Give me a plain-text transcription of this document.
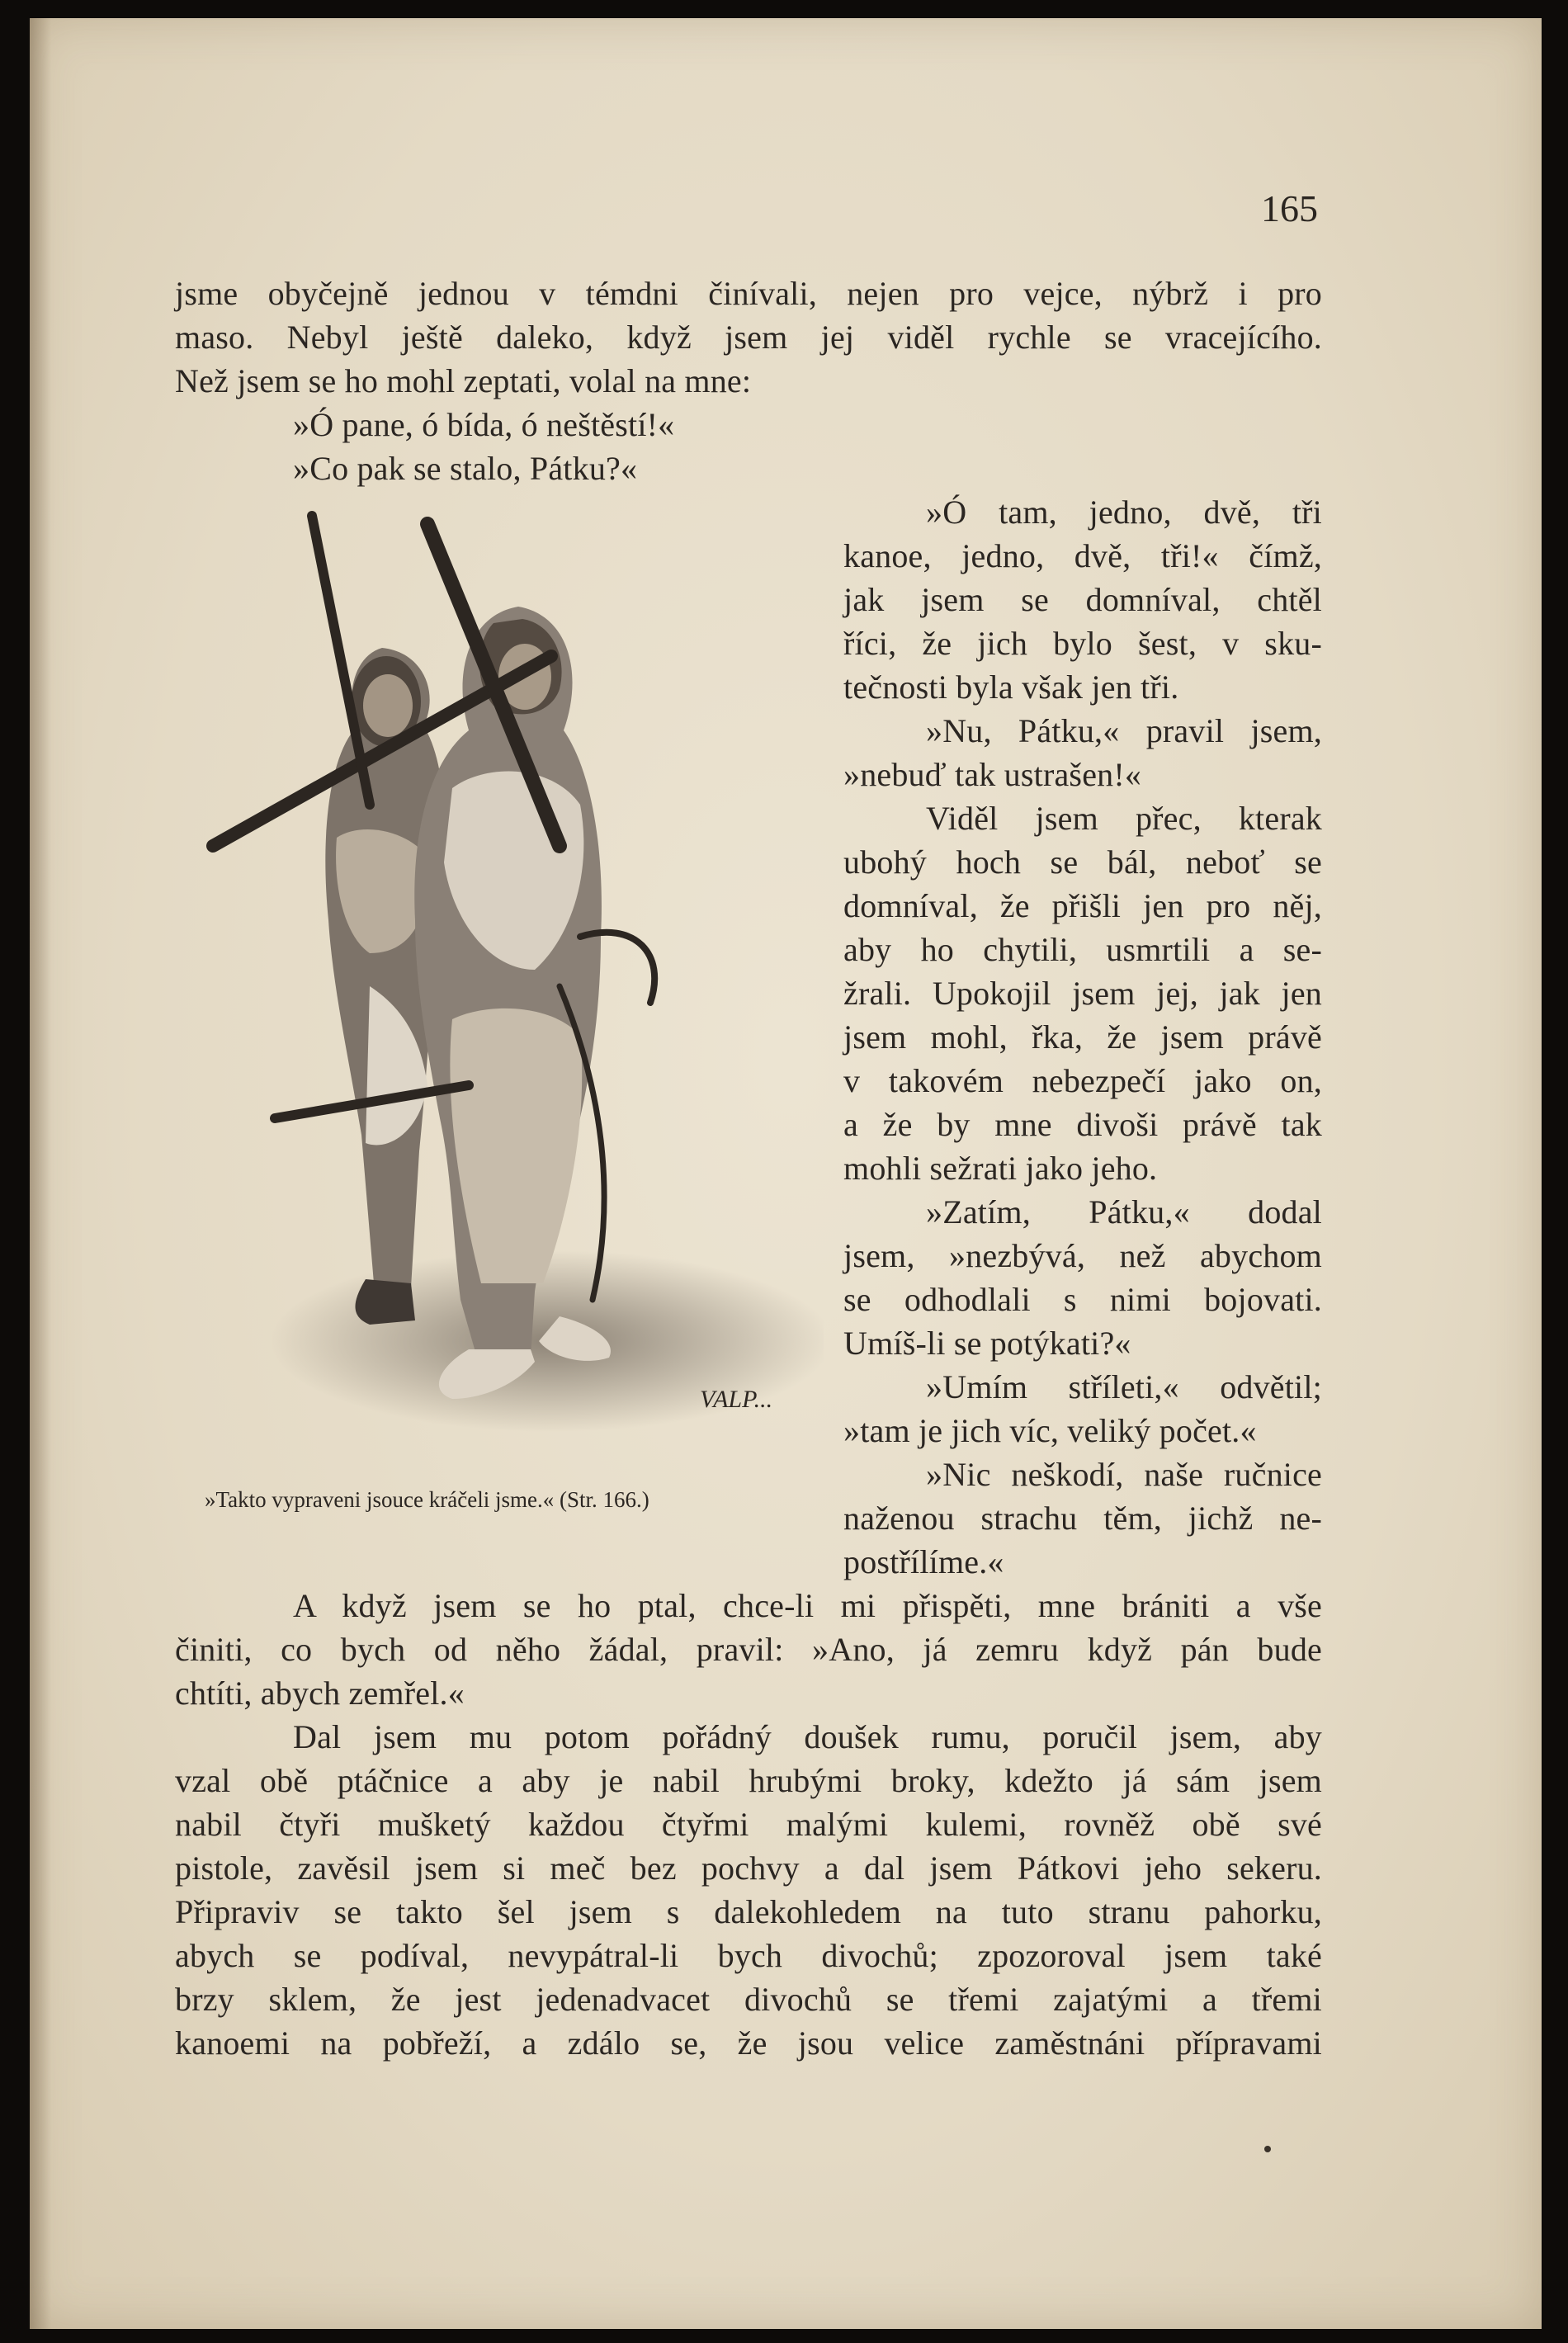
165
jsme obyčejně jednou v témdni činívali, nejen pro vejce, nýbrž i pro
maso. Nebyl ještě daleko, když jsem jej viděl rychle se vracejícího.
Než jsem se ho mohl zeptati, volal na mne:
»Ó pane, ó bída, ó neštěstí!«
»Co pak se stalo, Pátku?«
»Ó tam, jedno, dvě, tři
kanoe, jedno, dvě, tři!« čímž,
jak jsem se domníval, chtěl
říci, že jich bylo šest, v sku-
tečnosti byla však jen tři.
»Nu, Pátku,« pravil jsem,
»nebuď tak ustrašen!«
Viděl jsem přec, kterak
ubohý hoch se bál, neboť se
domníval, že přišli jen pro něj,
aby ho chytili, usmrtili a se-
žrali. Upokojil jsem jej, jak jen
jsem mohl, řka, že jsem právě
v takovém nebezpečí jako on,
a že by mne divoši právě tak
mohli sežrati jako jeho.
»Zatím, Pátku,« dodal
jsem, »nezbývá, než abychom
se odhodlali s nimi bojovati.
Umíš-li se potýkati?«
»Umím stříleti,« odvětil;
»tam je jich víc, veliký počet.«
»Nic neškodí, naše ručnice
naženou strachu těm, jichž ne-
postřílíme.«
VALP...
»Takto vypraveni jsouce kráčeli jsme.« (Str. 166.)
A když jsem se ho ptal, chce-li mi přispěti, mne brániti a vše
činiti, co bych od něho žádal, pravil: »Ano, já zemru když pán bude
chtíti, abych zemřel.«
Dal jsem mu potom pořádný doušek rumu, poručil jsem, aby
vzal obě ptáčnice a aby je nabil hrubými broky, kdežto já sám jsem
nabil čtyři mušketý každou čtyřmi malými kulemi, rovněž obě své
pistole, zavěsil jsem si meč bez pochvy a dal jsem Pátkovi jeho sekeru.
Připraviv se takto šel jsem s dalekohledem na tuto stranu pahorku,
abych se podíval, nevypátral-li bych divochů; zpozoroval jsem také
brzy sklem, že jest jedenadvacet divochů se třemi zajatými a třemi
kanoemi na pobřeží, a zdálo se, že jsou velice zaměstnáni přípravami
